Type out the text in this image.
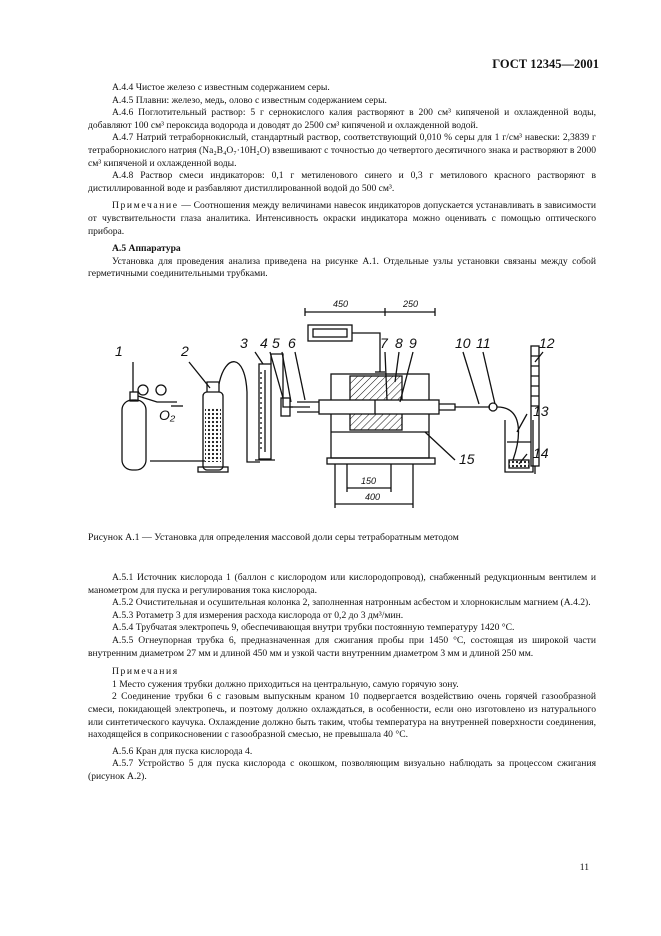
ГОСТ 12345—2001

А.4.4 Чистое железо с известным содержанием серы.

А.4.5 Плавни: железо, медь, олово с известным содержанием серы.

А.4.6 Поглотительный раствор: 5 г сернокислого калия растворяют в 200 см³ кипяченой и охлажденной воды, добавляют 100 см³ пероксида водорода и доводят до 2500 см³ кипяченой и охлажденной водой.

А.4.7 Натрий тетраборнокислый, стандартный раствор, соответствующий 0,010 % серы для 1 г/см³ навески: 2,3839 г тетраборнокислого натрия (Na₂B₄O₇·10H₂O) взвешивают с точностью до четвертого десятичного знака и растворяют в 2000 см³ кипяченой и охлажденной воды.

А.4.8 Раствор смеси индикаторов: 0,1 г метиленового синего и 0,3 г метилового красного растворяют в дистиллированной воде и разбавляют дистиллированной водой до 500 см³.

Примечание — Соотношения между величинами навесок индикаторов допускается устанавливать в зависимости от чувствительности глаза аналитика. Интенсивность окраски индикатора можно оценивать с помощью оптического прибора.

А.5 Аппаратура

Установка для проведения анализа приведена на рисунке А.1. Отдельные узлы установки связаны между собой герметичными соединительными трубками.

1	2	3 4 5 6	7 8 9	10 11	12
13
14
15
O₂
450	250
150
400
Рисунок А.1 — Установка для определения массовой доли серы тетраборатным методом

А.5.1 Источник кислорода 1 (баллон с кислородом или кислородопровод), снабженный редукционным вентилем и манометром для пуска и регулирования тока кислорода.

А.5.2 Очистительная и осушительная колонка 2, заполненная натронным асбестом и хлорнокислым магнием (А.4.2).

А.5.3 Ротаметр 3 для измерения расхода кислорода от 0,2 до 3 дм³/мин.

А.5.4 Трубчатая электропечь 9, обеспечивающая внутри трубки постоянную температуру 1420 °С.

А.5.5 Огнеупорная трубка 6, предназначенная для сжигания пробы при 1450 °С, состоящая из широкой части внутренним диаметром 27 мм и длиной 450 мм и узкой части внутренним диаметром 3 мм и длиной 250 мм.

Примечания

1 Место сужения трубки должно приходиться на центральную, самую горячую зону.

2 Соединение трубки 6 с газовым выпускным краном 10 подвергается воздействию очень горячей газообразной смеси, покидающей электропечь, и поэтому должно охлаждаться, в особенности, если оно изготовлено из натурального или синтетического каучука. Охлаждение должно быть таким, чтобы температура на внутренней поверхности соединения, находящейся в соприкосновении с газообразной смесью, не превышала 40 °С.

А.5.6 Кран для пуска кислорода 4.

А.5.7 Устройство 5 для пуска кислорода с окошком, позволяющим визуально наблюдать за процессом сжигания (рисунок А.2).

11
